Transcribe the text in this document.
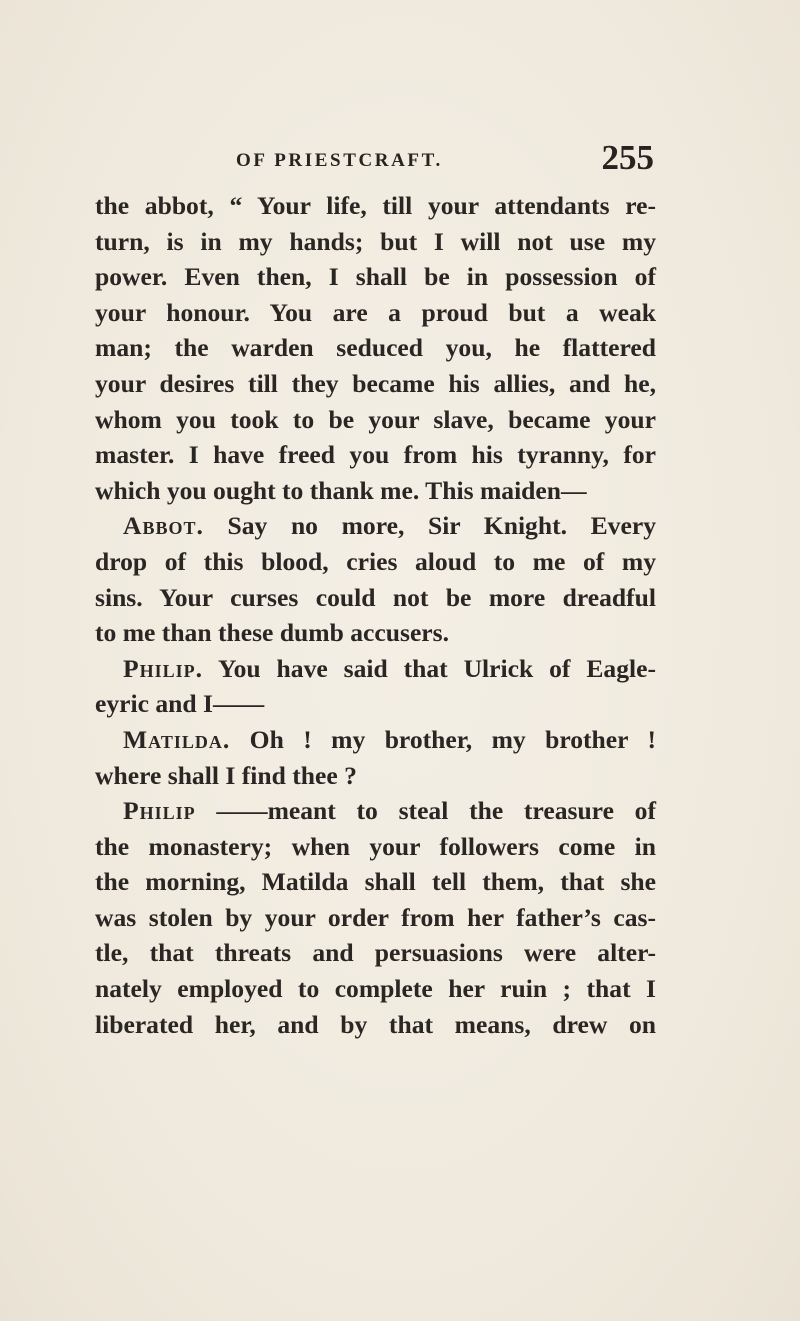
OF PRIESTCRAFT.	255
the abbot, “ Your life, till your attendants re-
turn, is in my hands; but I will not use my
power. Even then, I shall be in possession of
your honour. You are a proud but a weak
man; the warden seduced you, he flattered
your desires till they became his allies, and he,
whom you took to be your slave, became your
master. I have freed you from his tyranny, for
which you ought to thank me. This maiden—
Abbot. Say no more, Sir Knight. Every
drop of this blood, cries aloud to me of my
sins. Your curses could not be more dreadful
to me than these dumb accusers.
Philip. You have said that Ulrick of Eagle-
eyric and I——
Matilda. Oh ! my brother, my brother !
where shall I find thee ?
Philip ——meant to steal the treasure of
the monastery; when your followers come in
the morning, Matilda shall tell them, that she
was stolen by your order from her father’s cas-
tle, that threats and persuasions were alter-
nately employed to complete her ruin ; that I
liberated her, and by that means, drew on
